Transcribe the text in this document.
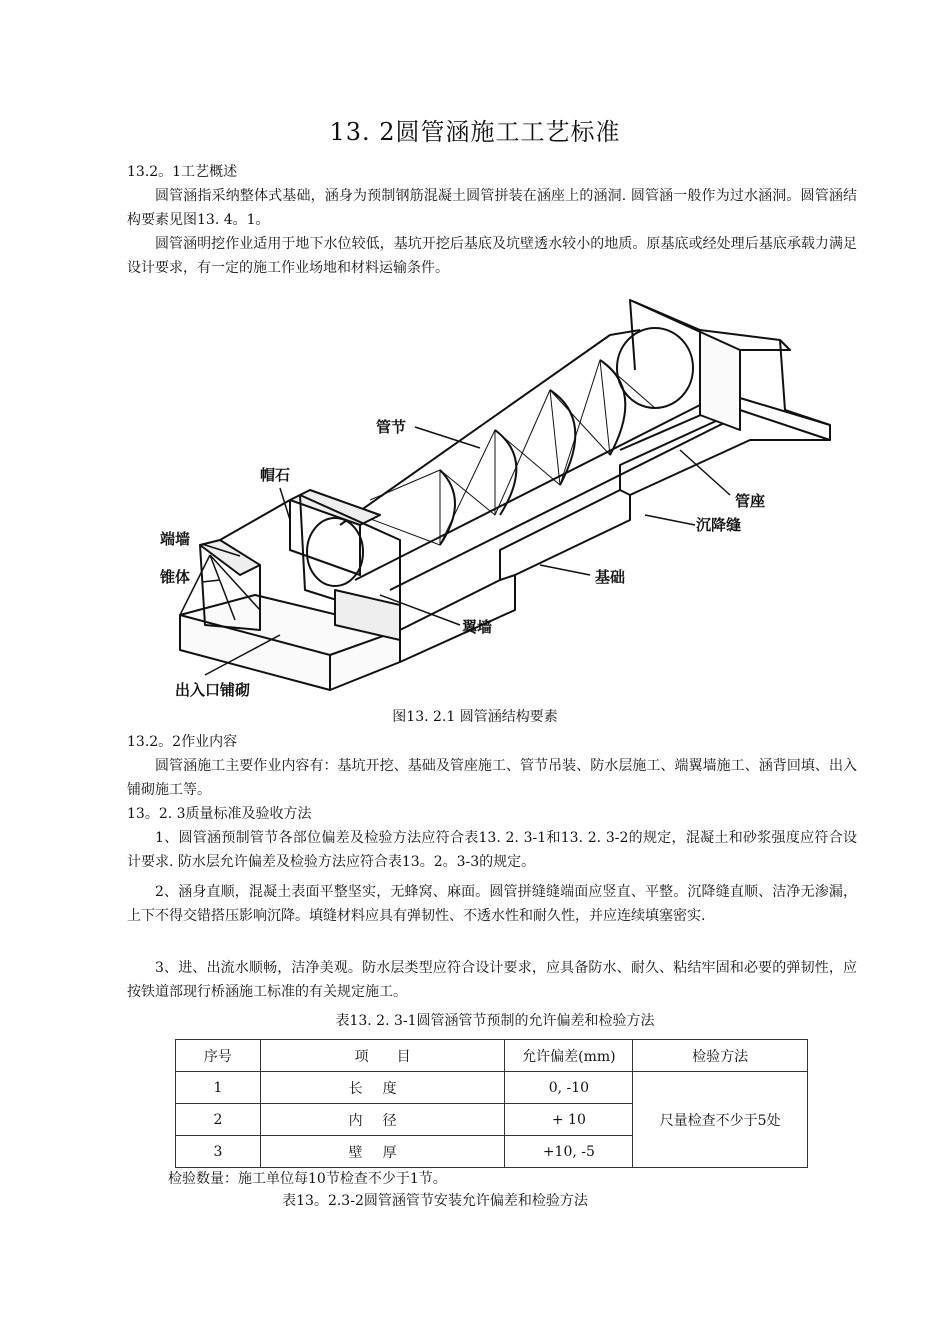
13. 2圆管涵施工工艺标准
13.2。1工艺概述
圆管涵指采纳整体式基础，涵身为预制钢筋混凝土圆管拼装在涵座上的涵洞. 圆管涵一般作为过水涵洞。圆管涵结构要素见图13. 4。1。
圆管涵明挖作业适用于地下水位较低，基坑开挖后基底及坑壁透水较小的地质。原基底或经处理后基底承载力满足设计要求，有一定的施工作业场地和材料运输条件。
管节
帽石
端墙
锥体
管座
沉降缝
基础
翼墙
出入口铺砌
图13. 2.1 圆管涵结构要素
13.2。2作业内容
圆管涵施工主要作业内容有：基坑开挖、基础及管座施工、管节吊装、防水层施工、端翼墙施工、涵背回填、出入铺砌施工等。
13。2. 3质量标准及验收方法
1、圆管涵预制管节各部位偏差及检验方法应符合表13. 2. 3-1和13. 2. 3-2的规定，混凝土和砂浆强度应符合设计要求. 防水层允许偏差及检验方法应符合表13。2。3-3的规定。
2、涵身直顺，混凝土表面平整坚实，无蜂窝、麻面。圆管拼缝缝端面应竖直、平整。沉降缝直顺、洁净无渗漏，上下不得交错搭压影响沉降。填缝材料应具有弹韧性、不透水性和耐久性，并应连续填塞密实.
3、进、出流水顺畅，洁净美观。防水层类型应符合设计要求，应具备防水、耐久、粘结牢固和必要的弹韧性，应按铁道部现行桥涵施工标准的有关规定施工。
表13. 2. 3-1圆管涵管节预制的允许偏差和检验方法
序号	项　　目	允许偏差(mm)	检验方法
1	长度	0, -10	尺量检查不少于5处
2	内径	+ 10	
3	壁厚	+10, -5	
检验数量：施工单位每10节检查不少于1节。
表13。2.3-2圆管涵管节安装允许偏差和检验方法
